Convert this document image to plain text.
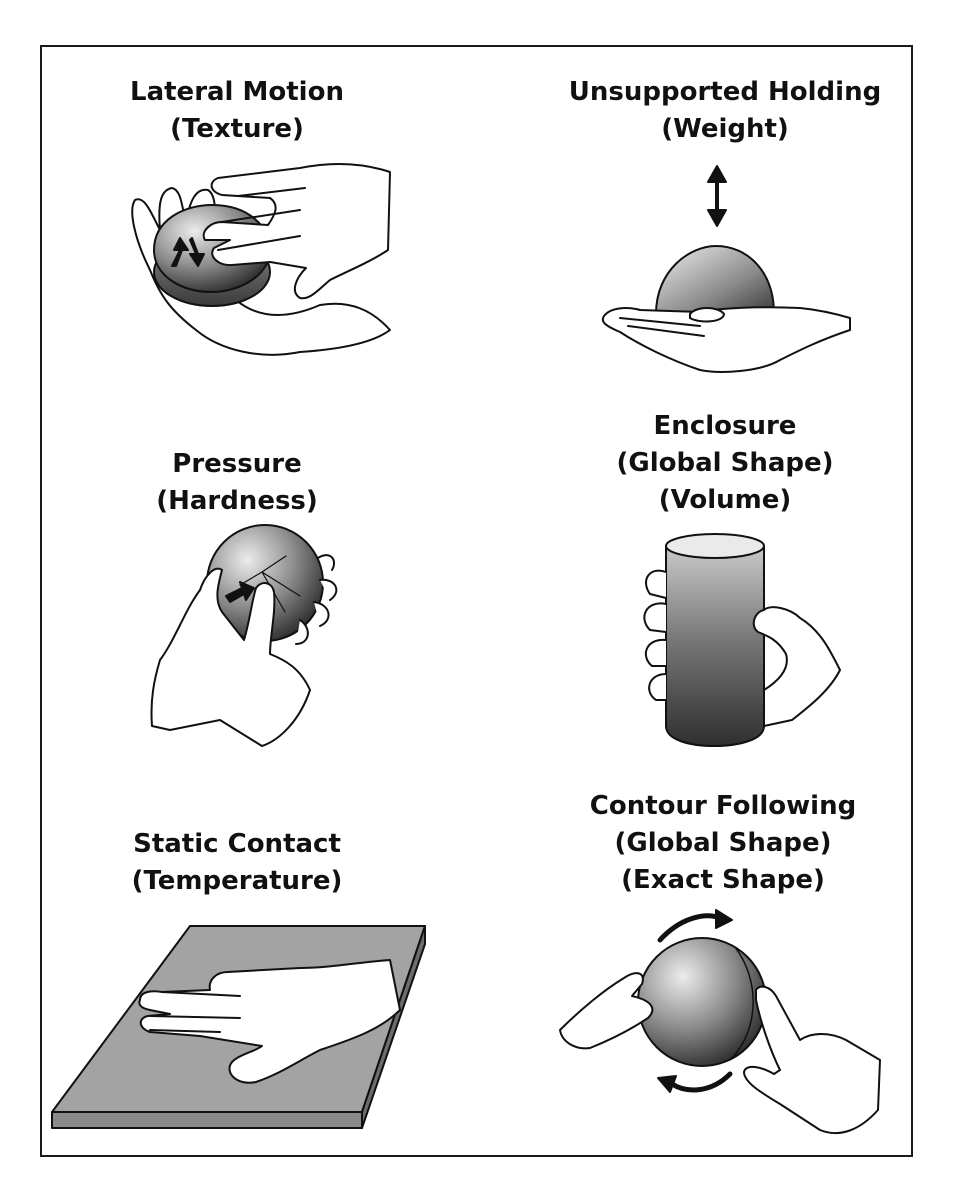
Lateral Motion
(Texture)
Unsupported Holding
(Weight)
Pressure
(Hardness)
Enclosure
(Global Shape)
(Volume)
Static Contact
(Temperature)
Contour Following
(Global Shape)
(Exact Shape)
